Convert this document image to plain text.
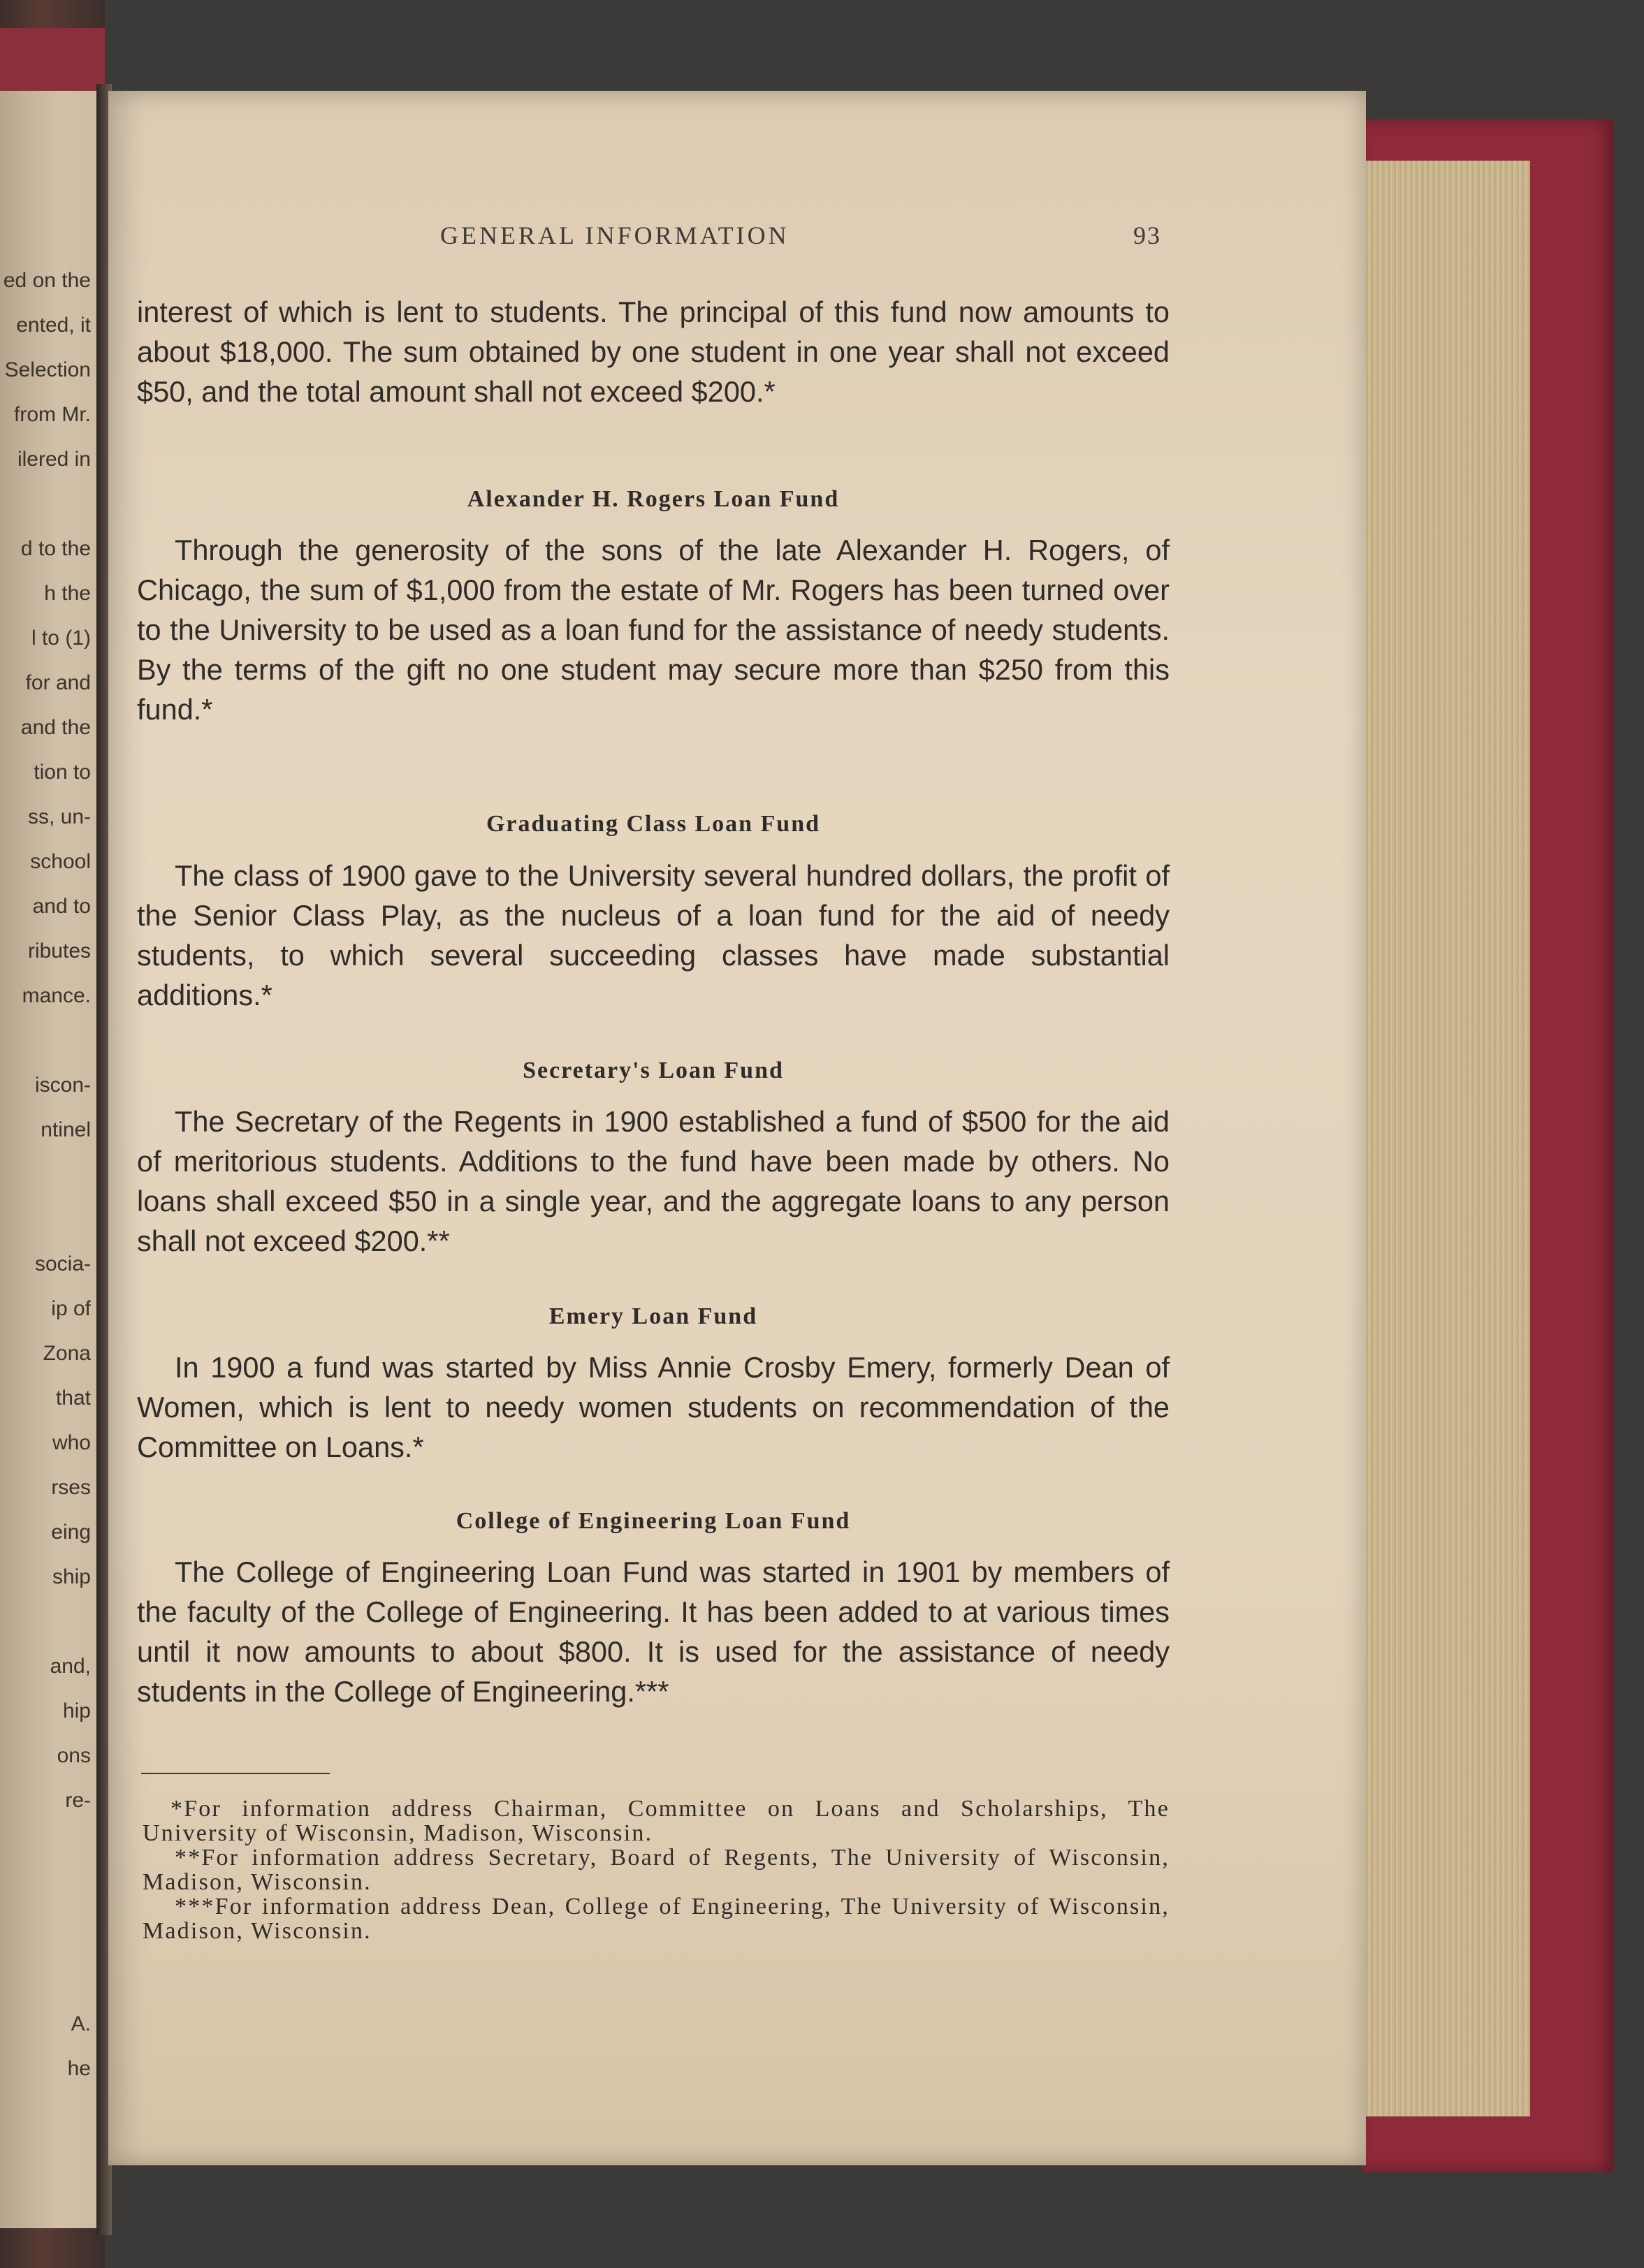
ed on the
ented, it
Selection
from Mr.
ilered in

d to the
h the
l to (1)
for and
and the
tion to
ss, un-
school
and to
ributes
mance.

iscon-
ntinel

socia-
ip of
Zona
that
who
rses
eing
ship

and,
hip
ons
re-

A.
he
GENERAL INFORMATION	93
interest of which is lent to students. The principal of this fund now amounts to about $18,000. The sum obtained by one student in one year shall not exceed $50, and the total amount shall not exceed $200.*
Alexander H. Rogers Loan Fund
Through the generosity of the sons of the late Alexander H. Rogers, of Chicago, the sum of $1,000 from the estate of Mr. Rogers has been turned over to the University to be used as a loan fund for the assistance of needy students. By the terms of the gift no one student may secure more than $250 from this fund.*
Graduating Class Loan Fund
The class of 1900 gave to the University several hundred dollars, the profit of the Senior Class Play, as the nucleus of a loan fund for the aid of needy students, to which several succeeding classes have made substantial additions.*
Secretary's Loan Fund
The Secretary of the Regents in 1900 established a fund of $500 for the aid of meritorious students. Additions to the fund have been made by others. No loans shall exceed $50 in a single year, and the aggregate loans to any person shall not exceed $200.**
Emery Loan Fund
In 1900 a fund was started by Miss Annie Crosby Emery, formerly Dean of Women, which is lent to needy women students on recommendation of the Committee on Loans.*
College of Engineering Loan Fund
The College of Engineering Loan Fund was started in 1901 by members of the faculty of the College of Engineering. It has been added to at various times until it now amounts to about $800. It is used for the assistance of needy students in the College of Engineering.***
*For information address Chairman, Committee on Loans and Scholarships, The University of Wisconsin, Madison, Wisconsin.
**For information address Secretary, Board of Regents, The University of Wisconsin, Madison, Wisconsin.
***For information address Dean, College of Engineering, The University of Wisconsin, Madison, Wisconsin.
